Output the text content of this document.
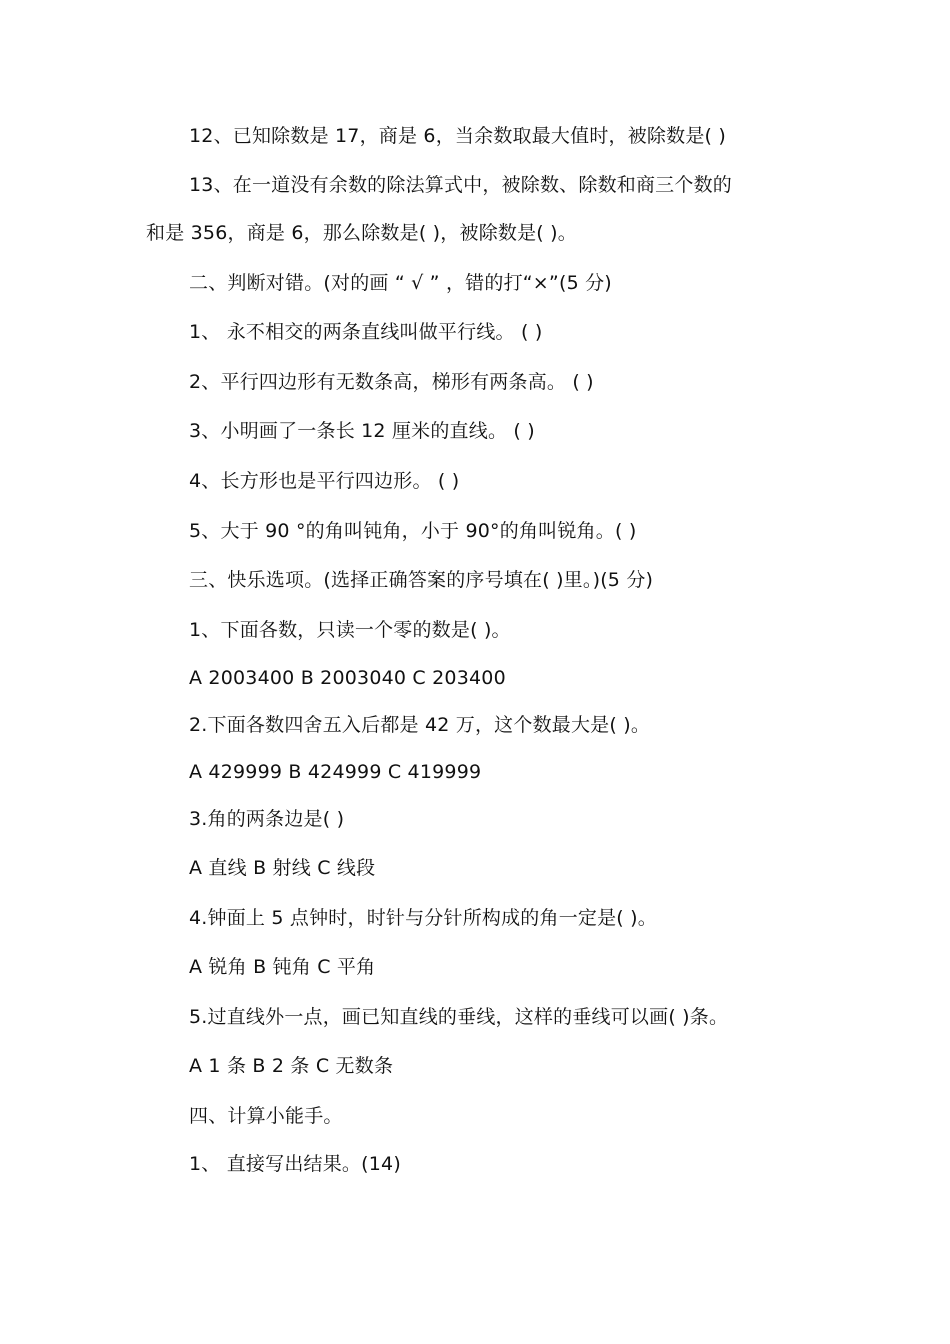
12、已知除数是 17，商是 6，当余数取最大值时，被除数是( )
13、在一道没有余数的除法算式中，被除数、除数和商三个数的
和是 356，商是 6，那么除数是( )，被除数是( )。
二、判断对错。(对的画 “ √ ” ，错的打“×”(5 分)
1、 永不相交的两条直线叫做平行线。 ( )
2、平行四边形有无数条高，梯形有两条高。 ( )
3、小明画了一条长 12 厘米的直线。 ( )
4、长方形也是平行四边形。 ( )
5、大于 90 °的角叫钝角，小于 90°的角叫锐角。( )
三、快乐选项。(选择正确答案的序号填在( )里。)(5 分)
1、下面各数，只读一个零的数是( )。
A 2003400 B 2003040 C 203400
2.下面各数四舍五入后都是 42 万，这个数最大是( )。
A 429999 B 424999 C 419999
3.角的两条边是( )
A 直线 B 射线 C 线段
4.钟面上 5 点钟时，时针与分针所构成的角一定是( )。
A 锐角 B 钝角 C 平角
5.过直线外一点，画已知直线的垂线，这样的垂线可以画( )条。
A 1 条 B 2 条 C 无数条
四、计算小能手。
1、 直接写出结果。(14)
